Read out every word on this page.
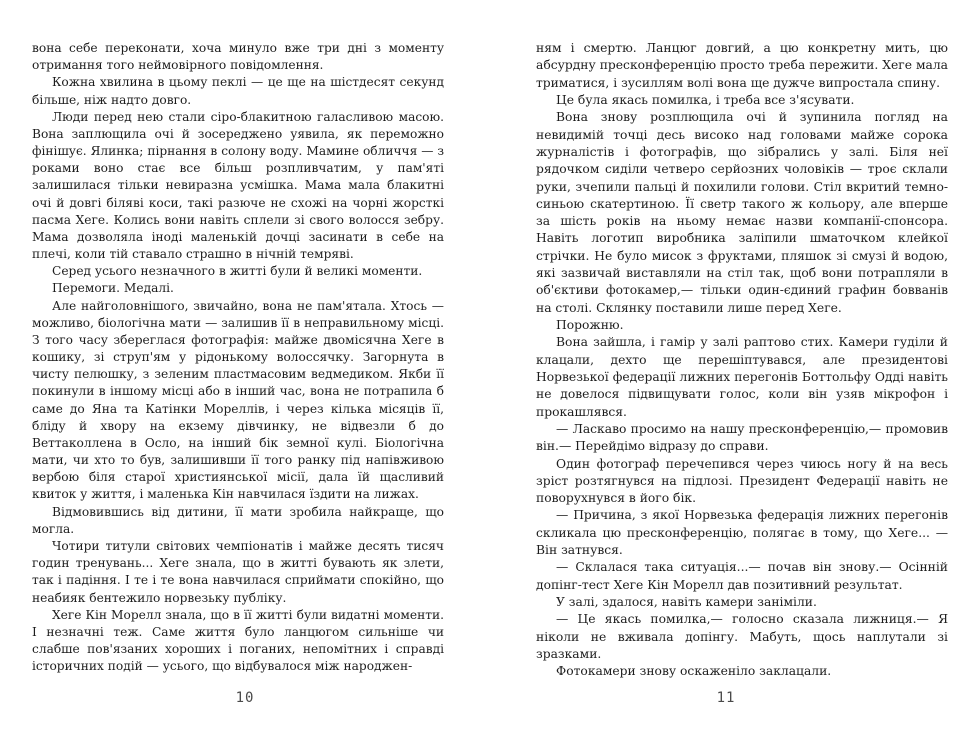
вона себе переконати, хоча минуло вже три дні з моменту отримання того неймовірного повідомлення.

Кожна хвилина в цьому пеклі — це ще на шістдесят секунд більше, ніж надто довго.

Люди перед нею стали сіро-блакитною галасливою масою. Вона заплющила очі й зосереджено уявила, як переможно фінішує. Ялинка; пірнання в солону воду. Мамине обличчя — з роками воно стає все більш розпливчатим, у пам'яті залишилася тільки невиразна усмішка. Мама мала блакитні очі й довгі біляві коси, такі разюче не схожі на чорні жорсткі пасма Хеге. Колись вони навіть сплели зі свого волосся зебру. Мама дозволяла іноді маленькій дочці засинати в себе на плечі, коли тій ставало страшно в нічній темряві.

Серед усього незначного в житті були й великі моменти.

Перемоги. Медалі.

Але найголовнішого, звичайно, вона не пам'ятала. Хтось — можливо, біологічна мати — залишив її в неправильному місці. З того часу збереглася фотографія: майже двомісячна Хеге в кошику, зі струп'ям у рідонькому волоссячку. Загорнута в чисту пелюшку, з зеленим пластмасовим ведмедиком. Якби її покинули в іншому місці або в інший час, вона не потрапила б саме до Яна та Катінки Мореллів, і через кілька місяців її, бліду й хвору на екзему дівчинку, не відвезли б до Веттаколлена в Осло, на інший бік земної кулі. Біологічна мати, чи хто то був, залишивши її того ранку під напівживою вербою біля старої християнської місії, дала їй щасливий квиток у життя, і маленька Кін навчилася їздити на лижах.

Відмовившись від дитини, її мати зробила найкраще, що могла.

Чотири титули світових чемпіонатів і майже десять тисяч годин тренувань... Хеге знала, що в житті бувають як злети, так і падіння. І те і те вона навчилася сприймати спокійно, що неабияк бентежило норвезьку публіку.

Хеге Кін Морелл знала, що в її житті були видатні моменти. І незначні теж. Саме життя було ланцюгом сильніше чи слабше пов'язаних хороших і поганих, непомітних і справді історичних подій — усього, що відбувалося між народжен-

ням і смертю. Ланцюг довгий, а цю конкретну мить, цю абсурдну пресконференцію просто треба пережити. Хеге мала триматися, і зусиллям волі вона ще дужче випростала спину.

Це була якась помилка, і треба все з'ясувати.

Вона знову розплющила очі й зупинила погляд на невидимій точці десь високо над головами майже сорока журналістів і фотографів, що зібрались у залі. Біля неї рядочком сиділи четверо серйозних чоловіків — троє склали руки, зчепили пальці й похилили голови. Стіл вкритий темно-синьою скатертиною. Її светр такого ж кольору, але вперше за шість років на ньому немає назви компанії-спонсора. Навіть логотип виробника заліпили шматочком клейкої стрічки. Не було мисок з фруктами, пляшок зі смузі й водою, які зазвичай виставляли на стіл так, щоб вони потрапляли в об'єктиви фотокамер,— тільки один-єдиний графин бовванів на столі. Склянку поставили лише перед Хеге.

Порожню.

Вона зайшла, і гамір у залі раптово стих. Камери гуділи й клацали, дехто ще перешіптувався, але президентові Норвезької федерації лижних перегонів Боттольфу Одді навіть не довелося підвищувати голос, коли він узяв мікрофон і прокашлявся.

— Ласкаво просимо на нашу пресконференцію,— промовив він.— Перейдімо відразу до справи.

Один фотограф перечепився через чиюсь ногу й на весь зріст розтягнувся на підлозі. Президент Федерації навіть не поворухнувся в його бік.

— Причина, з якої Норвезька федерація лижних перегонів скликала цю пресконференцію, полягає в тому, що Хеге... — Він затнувся.

— Склалася така ситуація...— почав він знову.— Осінній допінг-тест Хеге Кін Морелл дав позитивний результат.

У залі, здалося, навіть камери заніміли.

— Це якась помилка,— голосно сказала лижниця.— Я ніколи не вживала допінгу. Мабуть, щось наплутали зі зразками.

Фотокамери знову оскаженіло заклацали.

10	11
